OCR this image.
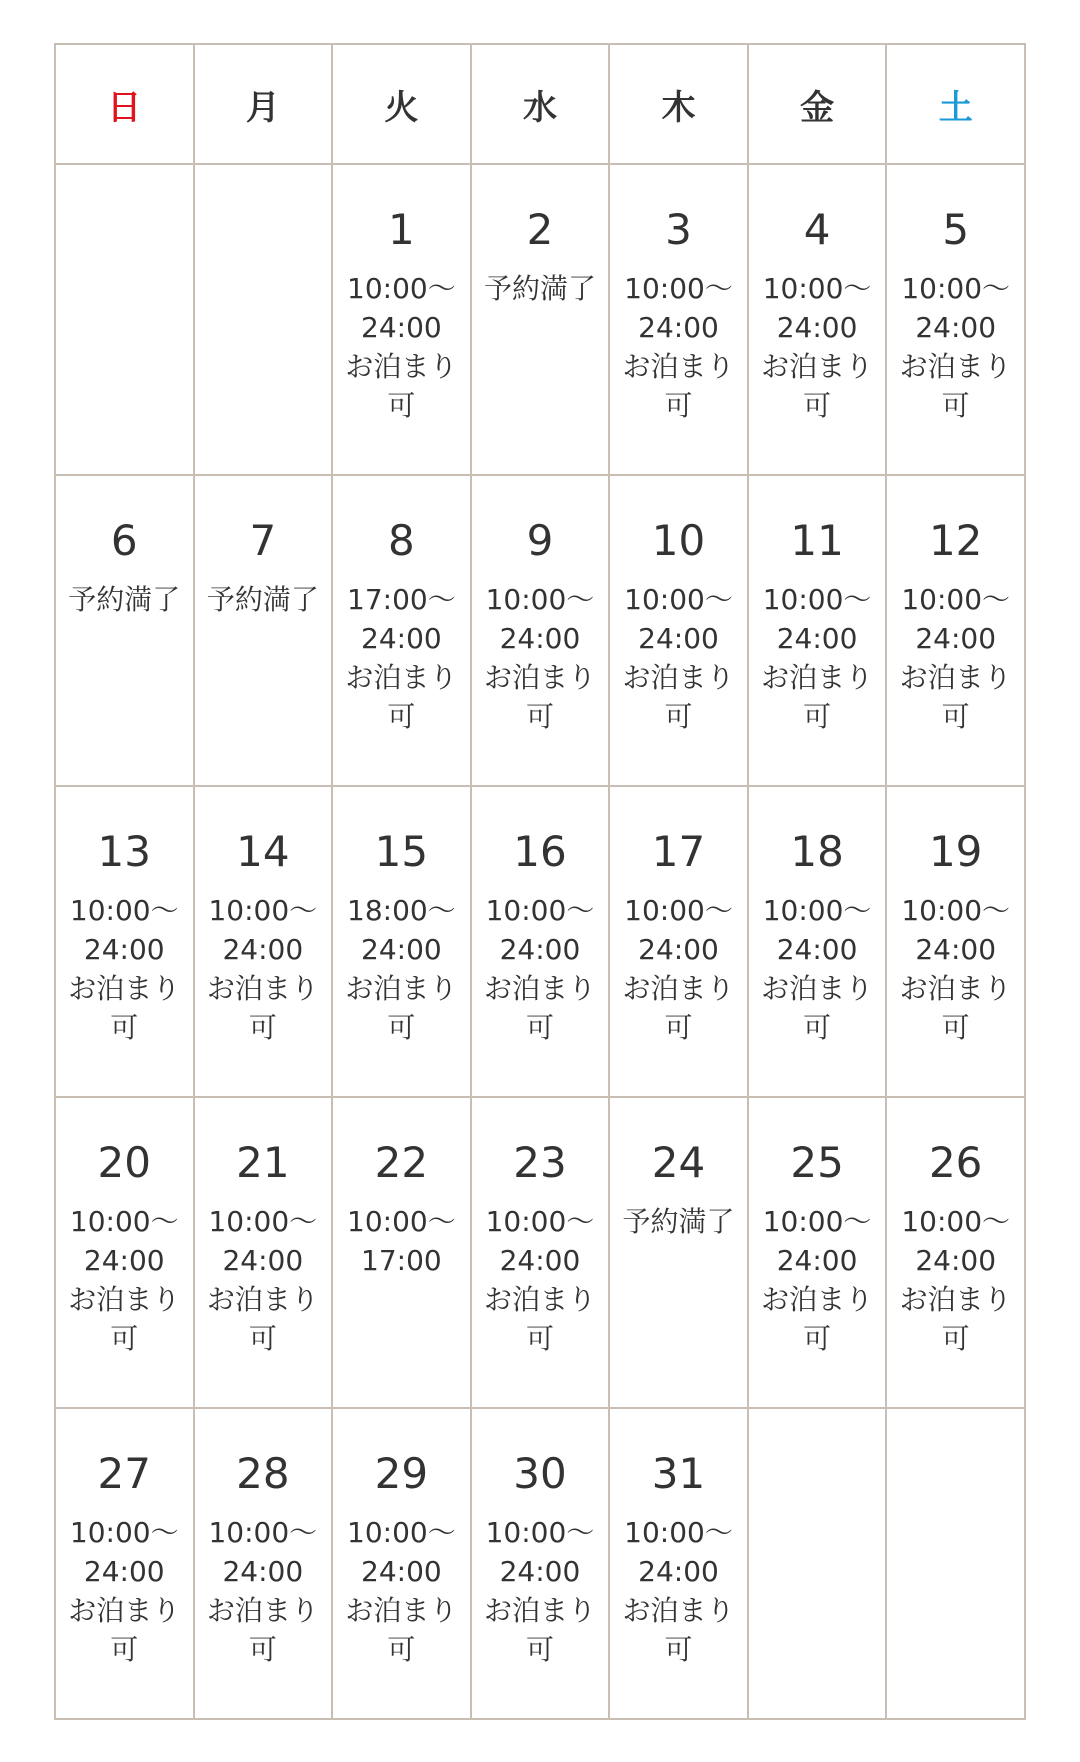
日	月	火	水	木	金	土

		1
10:00〜
24:00
お泊まり
可	2
予約満了	3
10:00〜
24:00
お泊まり
可	4
10:00〜
24:00
お泊まり
可	5
10:00〜
24:00
お泊まり
可

6
予約満了	7
予約満了	8
17:00〜
24:00
お泊まり
可	9
10:00〜
24:00
お泊まり
可	10
10:00〜
24:00
お泊まり
可	11
10:00〜
24:00
お泊まり
可	12
10:00〜
24:00
お泊まり
可

13
10:00〜
24:00
お泊まり
可	14
10:00〜
24:00
お泊まり
可	15
18:00〜
24:00
お泊まり
可	16
10:00〜
24:00
お泊まり
可	17
10:00〜
24:00
お泊まり
可	18
10:00〜
24:00
お泊まり
可	19
10:00〜
24:00
お泊まり
可

20
10:00〜
24:00
お泊まり
可	21
10:00〜
24:00
お泊まり
可	22
10:00〜
17:00	23
10:00〜
24:00
お泊まり
可	24
予約満了	25
10:00〜
24:00
お泊まり
可	26
10:00〜
24:00
お泊まり
可

27
10:00〜
24:00
お泊まり
可	28
10:00〜
24:00
お泊まり
可	29
10:00〜
24:00
お泊まり
可	30
10:00〜
24:00
お泊まり
可	31
10:00〜
24:00
お泊まり
可		
